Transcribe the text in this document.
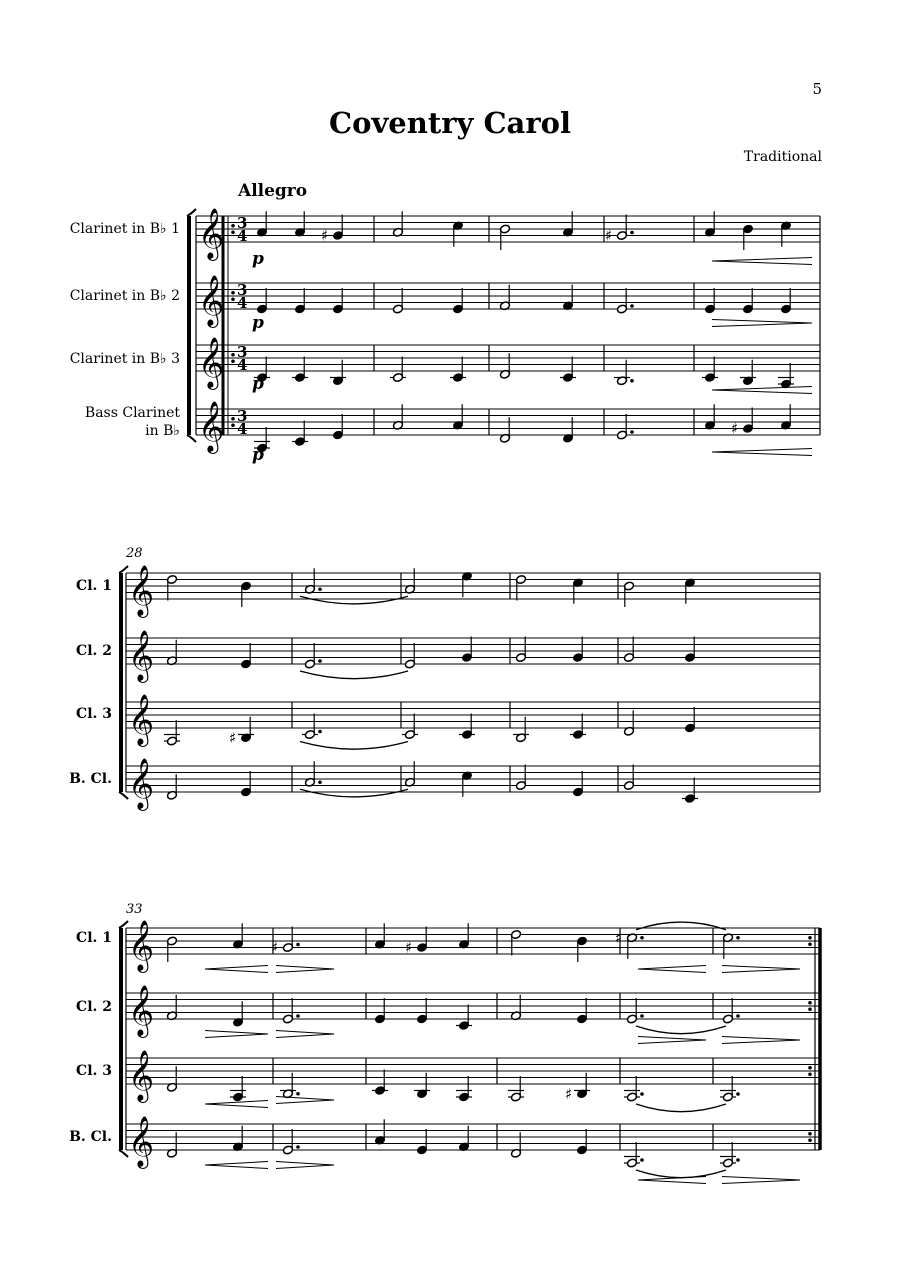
5
Coventry Carol
Traditional
Allegro
Clarinet in B♭ 1
Clarinet in B♭ 2
Clarinet in B♭ 3
Bass Clarinet
in B♭
Cl. 1
Cl. 2
Cl. 3
B. Cl.
Cl. 1
Cl. 2
Cl. 3
B. Cl.
𝄞
𝄞
𝄞
𝄞
3
4
3
4
3
4
3
4
♯	♯
p
p
p
♯
p
𝄞
𝄞
𝄞
𝄞
28
♯
𝄞
𝄞
𝄞
𝄞
33
♯	♯
♯
♯
